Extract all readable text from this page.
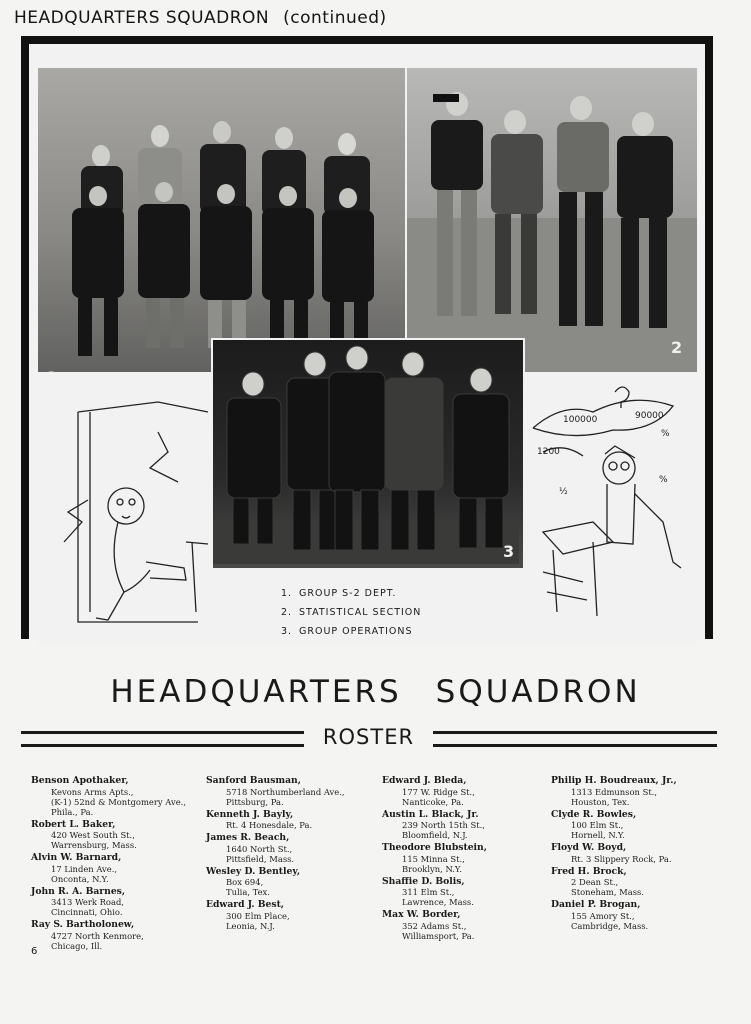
HEADQUARTERS SQUADRON (continued)
2
100000	90000
1200
%
%
½
3
1. GROUP S-2 DEPT.
2. STATISTICAL SECTION
3. GROUP OPERATIONS
HEADQUARTERS SQUADRON
ROSTER
Benson Apothaker,
Kevons Arms Apts.,
(K-1) 52nd & Montgomery Ave.,
Phila., Pa.
Robert L. Baker,
420 West South St.,
Warrensburg, Mass.
Alvin W. Barnard,
17 Linden Ave.,
Onconta, N.Y.
John R. A. Barnes,
3413 Werk Road,
Cincinnati, Ohio.
Ray S. Bartholonew,
4727 North Kenmore,
Chicago, Ill.
Sanford Bausman,
5718 Northumberland Ave.,
Pittsburg, Pa.
Kenneth J. Bayly,
Rt. 4 Honesdale, Pa.
James R. Beach,
1640 North St.,
Pittsfield, Mass.
Wesley D. Bentley,
Box 694,
Tulia, Tex.
Edward J. Best,
300 Elm Place,
Leonia, N.J.
Edward J. Bleda,
177 W. Ridge St.,
Nanticoke, Pa.
Austin L. Black, Jr.
239 North 15th St.,
Bloomfield, N.J.
Theodore Blubstein,
115 Minna St.,
Brooklyn, N.Y.
Shaffie D. Bolis,
311 Elm St.,
Lawrence, Mass.
Max W. Border,
352 Adams St.,
Williamsport, Pa.
Philip H. Boudreaux, Jr.,
1313 Edmunson St.,
Houston, Tex.
Clyde R. Bowles,
100 Elm St.,
Hornell, N.Y.
Floyd W. Boyd,
Rt. 3 Slippery Rock, Pa.
Fred H. Brock,
2 Dean St.,
Stoneham, Mass.
Daniel P. Brogan,
155 Amory St.,
Cambridge, Mass.
6
